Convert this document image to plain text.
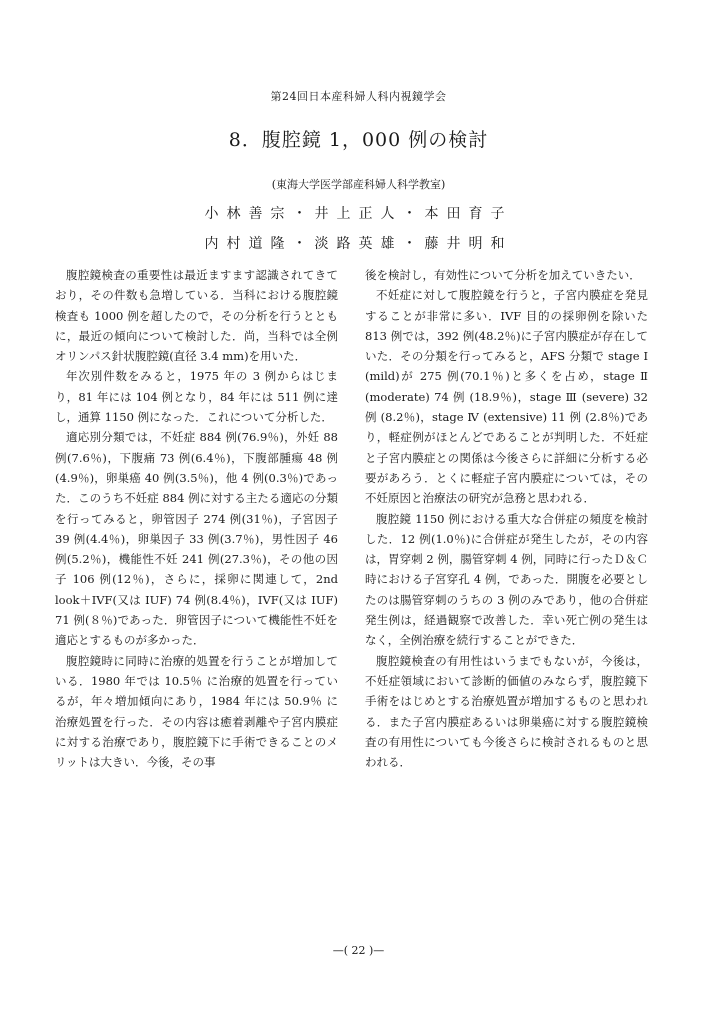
第24回日本産科婦人科内視鏡学会
8．腹腔鏡 1，000 例の検討
(東海大学医学部産科婦人科学教室)
小林善宗・井上正人・本田育子
内村道隆・淡路英雄・藤井明和

腹腔鏡検査の重要性は最近ますます認識されてきており，その件数も急増している．当科における腹腔鏡検査も 1000 例を超したので，その分析を行うとともに，最近の傾向について検討した．尚，当科では全例オリンパス針状腹腔鏡(直径 3.4 mm)を用いた．

年次別件数をみると，1975 年の 3 例からはじまり，81 年には 104 例となり，84 年には 511 例に達し，通算 1150 例になった．これについて分析した．

適応別分類では，不妊症 884 例(76.9％)，外妊 88 例(7.6％)，下腹痛 73 例(6.4％)，下腹部腫瘍 48 例(4.9％)，卵巣癌 40 例(3.5％)，他 4 例(0.3％)であった．このうち不妊症 884 例に対する主たる適応の分類を行ってみると，卵管因子 274 例(31％)，子宮因子 39 例(4.4％)，卵巣因子 33 例(3.7％)，男性因子 46 例(5.2％)，機能性不妊 241 例(27.3％)，その他の因子 106 例(12％)，さらに，採卵に関連して，2nd look＋IVF(又は IUF) 74 例(8.4％)，IVF(又は IUF) 71 例(８％)であった．卵管因子について機能性不妊を適応とするものが多かった．

腹腔鏡時に同時に治療的処置を行うことが増加している．1980 年では 10.5％ に治療的処置を行っているが，年々増加傾向にあり，1984 年には 50.9％ に治療処置を行った．その内容は癒着剥離や子宮内膜症に対する治療であり，腹腔鏡下に手術できることのメリットは大きい．今後，その事

後を検討し，有効性について分析を加えていきたい．

不妊症に対して腹腔鏡を行うと，子宮内膜症を発見することが非常に多い．IVF 目的の採卵例を除いた 813 例では，392 例(48.2％)に子宮内膜症が存在していた．その分類を行ってみると，AFS 分類で stage Ⅰ (mild)が 275 例(70.1％)と多くを占め，stage Ⅱ (moderate) 74 例 (18.9％)，stage Ⅲ (severe) 32 例 (8.2％)，stage Ⅳ (extensive) 11 例 (2.8％)であり，軽症例がほとんどであることが判明した．不妊症と子宮内膜症との関係は今後さらに詳細に分析する必要があろう．とくに軽症子宮内膜症については，その不妊原因と治療法の研究が急務と思われる．

腹腔鏡 1150 例における重大な合併症の頻度を検討した．12 例(1.0％)に合併症が発生したが，その内容は，胃穿刺 2 例，腸管穿刺 4 例，同時に行ったＤ＆Ｃ時における子宮穿孔 4 例，であった．開腹を必要としたのは腸管穿刺のうちの 3 例のみであり，他の合併症発生例は，経過観察で改善した．幸い死亡例の発生はなく，全例治療を続行することができた．

腹腔鏡検査の有用性はいうまでもないが，今後は，不妊症領域において診断的価値のみならず，腹腔鏡下手術をはじめとする治療処置が増加するものと思われる．また子宮内膜症あるいは卵巣癌に対する腹腔鏡検査の有用性についても今後さらに検討されるものと思われる．

—( 22 )—
